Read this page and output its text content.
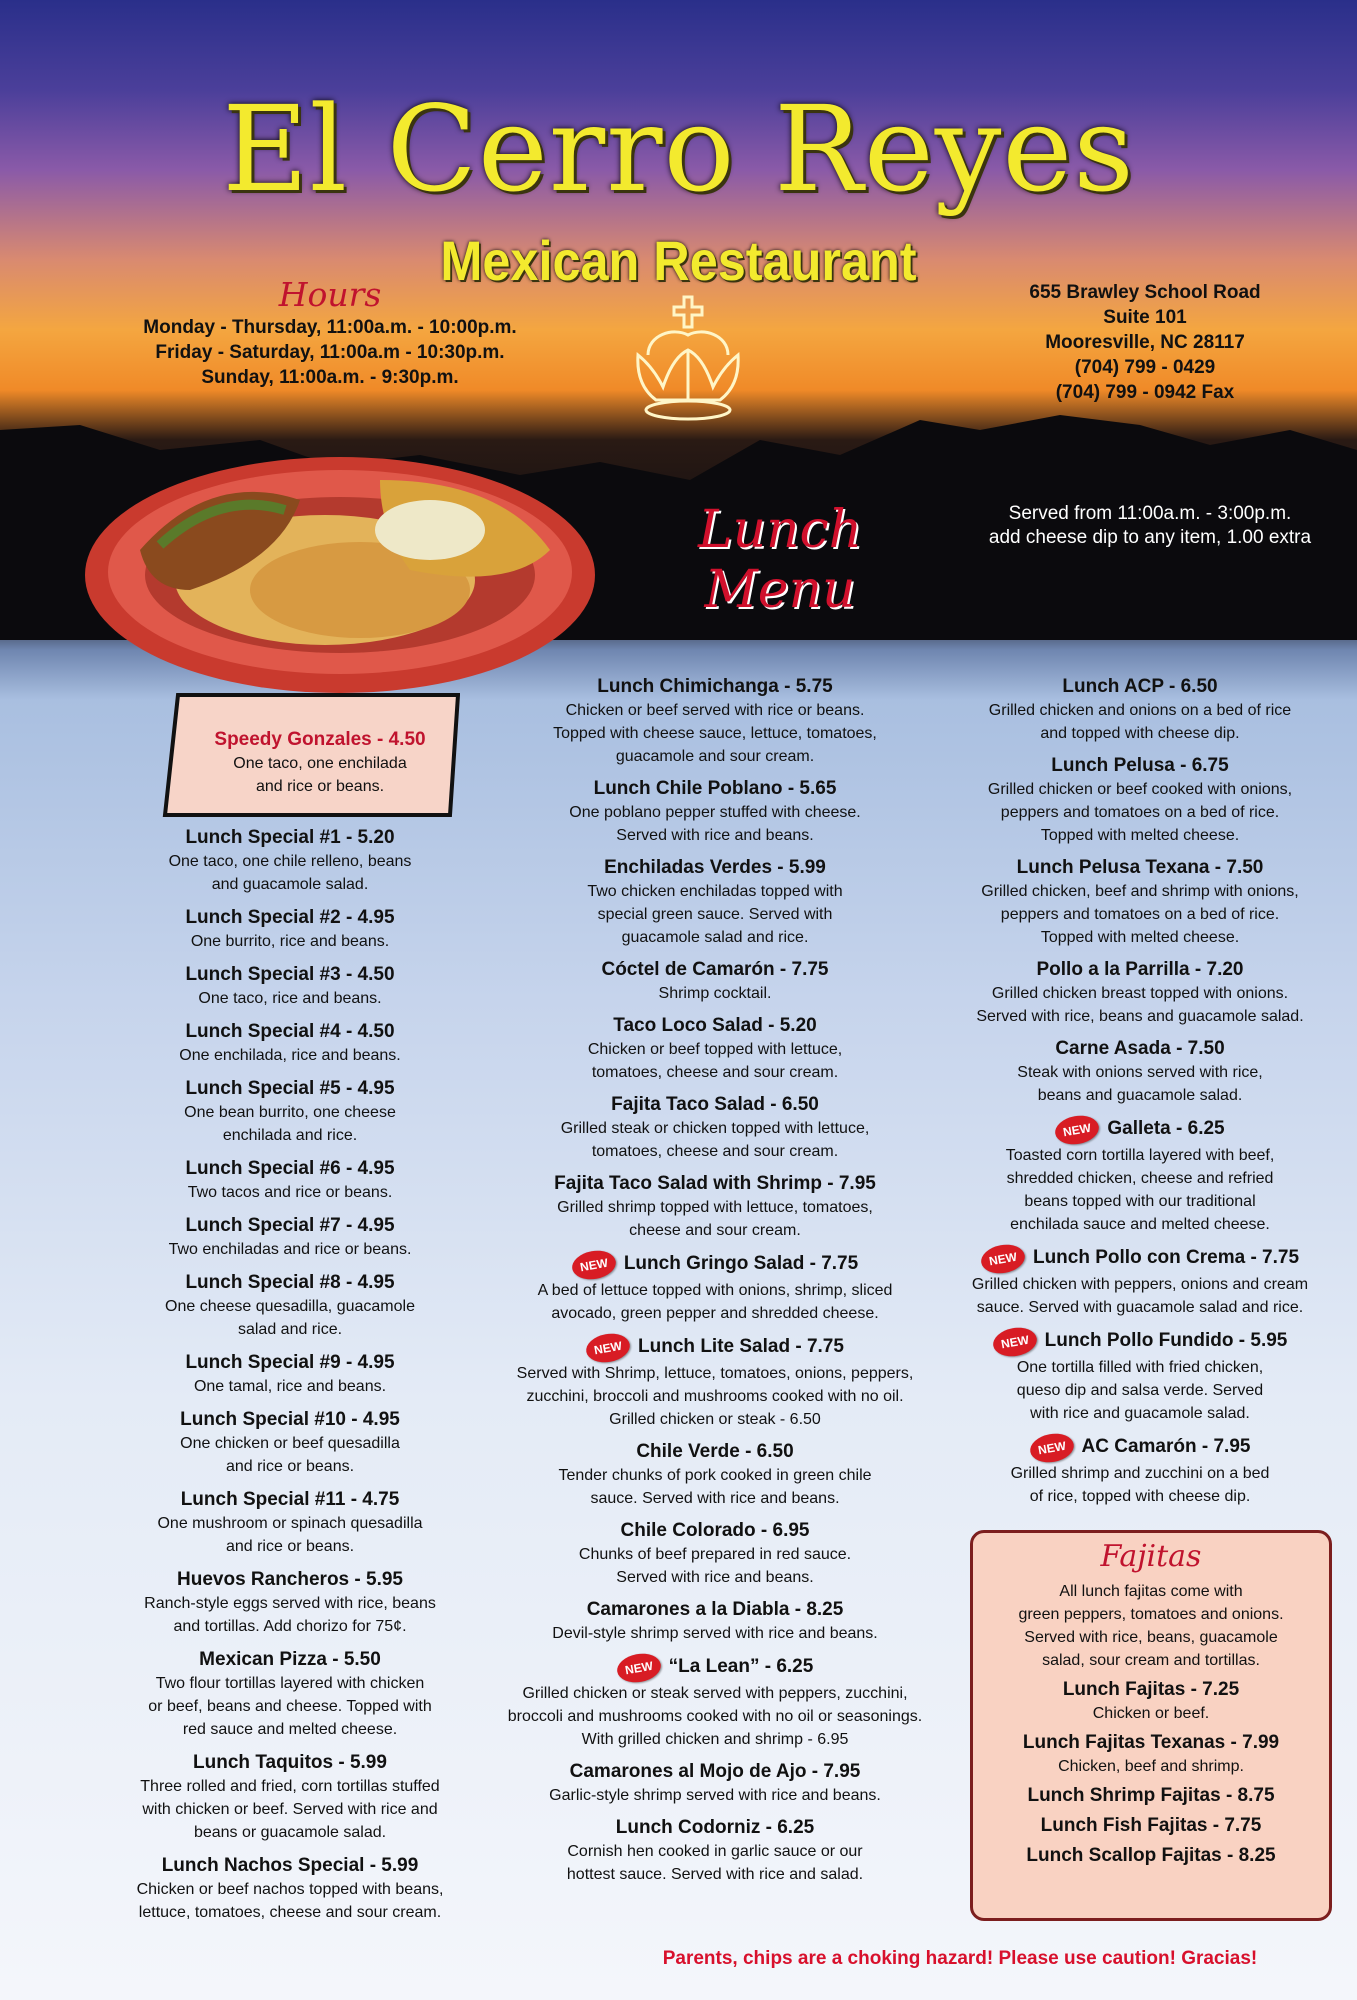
El Cerro Reyes
Mexican Restaurant
Hours
Monday - Thursday, 11:00a.m. - 10:00p.m.
Friday - Saturday, 11:00a.m - 10:30p.m.
Sunday, 11:00a.m. - 9:30p.m.
655 Brawley School Road
Suite 101
Mooresville, NC 28117
(704) 799 - 0429
(704) 799 - 0942 Fax
Lunch Menu
Served from 11:00a.m. - 3:00p.m.
add cheese dip to any item, 1.00 extra
Speedy Gonzales - 4.50
One taco, one enchilada
and rice or beans.
Lunch Special #1 - 5.20
One taco, one chile relleno, beans
and guacamole salad.
Lunch Special #2 - 4.95
One burrito, rice and beans.
Lunch Special #3 - 4.50
One taco, rice and beans.
Lunch Special #4 - 4.50
One enchilada, rice and beans.
Lunch Special #5 - 4.95
One bean burrito, one cheese
enchilada and rice.
Lunch Special #6 - 4.95
Two tacos and rice or beans.
Lunch Special #7 - 4.95
Two enchiladas and rice or beans.
Lunch Special #8 - 4.95
One cheese quesadilla, guacamole
salad and rice.
Lunch Special #9 - 4.95
One tamal, rice and beans.
Lunch Special #10 - 4.95
One chicken or beef quesadilla
and rice or beans.
Lunch Special #11 - 4.75
One mushroom or spinach quesadilla
and rice or beans.
Huevos Rancheros - 5.95
Ranch-style eggs served with rice, beans
and tortillas. Add chorizo for 75¢.
Mexican Pizza - 5.50
Two flour tortillas layered with chicken
or beef, beans and cheese. Topped with
red sauce and melted cheese.
Lunch Taquitos - 5.99
Three rolled and fried, corn tortillas stuffed
with chicken or beef. Served with rice and
beans or guacamole salad.
Lunch Nachos Special - 5.99
Chicken or beef nachos topped with beans,
lettuce, tomatoes, cheese and sour cream.
Lunch Chimichanga - 5.75
Chicken or beef served with rice or beans.
Topped with cheese sauce, lettuce, tomatoes,
guacamole and sour cream.
Lunch Chile Poblano - 5.65
One poblano pepper stuffed with cheese.
Served with rice and beans.
Enchiladas Verdes - 5.99
Two chicken enchiladas topped with
special green sauce. Served with
guacamole salad and rice.
Cóctel de Camarón - 7.75
Shrimp cocktail.
Taco Loco Salad - 5.20
Chicken or beef topped with lettuce,
tomatoes, cheese and sour cream.
Fajita Taco Salad - 6.50
Grilled steak or chicken topped with lettuce,
tomatoes, cheese and sour cream.
Fajita Taco Salad with Shrimp - 7.95
Grilled shrimp topped with lettuce, tomatoes,
cheese and sour cream.
NEW Lunch Gringo Salad - 7.75
A bed of lettuce topped with onions, shrimp, sliced
avocado, green pepper and shredded cheese.
NEW Lunch Lite Salad - 7.75
Served with Shrimp, lettuce, tomatoes, onions, peppers,
zucchini, broccoli and mushrooms cooked with no oil.
Grilled chicken or steak - 6.50
Chile Verde - 6.50
Tender chunks of pork cooked in green chile
sauce. Served with rice and beans.
Chile Colorado - 6.95
Chunks of beef prepared in red sauce.
Served with rice and beans.
Camarones a la Diabla - 8.25
Devil-style shrimp served with rice and beans.
NEW “La Lean” - 6.25
Grilled chicken or steak served with peppers, zucchini,
broccoli and mushrooms cooked with no oil or seasonings.
With grilled chicken and shrimp - 6.95
Camarones al Mojo de Ajo - 7.95
Garlic-style shrimp served with rice and beans.
Lunch Codorniz - 6.25
Cornish hen cooked in garlic sauce or our
hottest sauce. Served with rice and salad.
Lunch ACP - 6.50
Grilled chicken and onions on a bed of rice
and topped with cheese dip.
Lunch Pelusa - 6.75
Grilled chicken or beef cooked with onions,
peppers and tomatoes on a bed of rice.
Topped with melted cheese.
Lunch Pelusa Texana - 7.50
Grilled chicken, beef and shrimp with onions,
peppers and tomatoes on a bed of rice.
Topped with melted cheese.
Pollo a la Parrilla - 7.20
Grilled chicken breast topped with onions.
Served with rice, beans and guacamole salad.
Carne Asada - 7.50
Steak with onions served with rice,
beans and guacamole salad.
NEW Galleta - 6.25
Toasted corn tortilla layered with beef,
shredded chicken, cheese and refried
beans topped with our traditional
enchilada sauce and melted cheese.
NEW Lunch Pollo con Crema - 7.75
Grilled chicken with peppers, onions and cream
sauce. Served with guacamole salad and rice.
NEW Lunch Pollo Fundido - 5.95
One tortilla filled with fried chicken,
queso dip and salsa verde. Served
with rice and guacamole salad.
NEW AC Camarón - 7.95
Grilled shrimp and zucchini on a bed
of rice, topped with cheese dip.
Fajitas
All lunch fajitas come with
green peppers, tomatoes and onions.
Served with rice, beans, guacamole
salad, sour cream and tortillas.
Lunch Fajitas - 7.25
Chicken or beef.
Lunch Fajitas Texanas - 7.99
Chicken, beef and shrimp.
Lunch Shrimp Fajitas - 8.75
Lunch Fish Fajitas - 7.75
Lunch Scallop Fajitas - 8.25
Parents, chips are a choking hazard! Please use caution! Gracias!
